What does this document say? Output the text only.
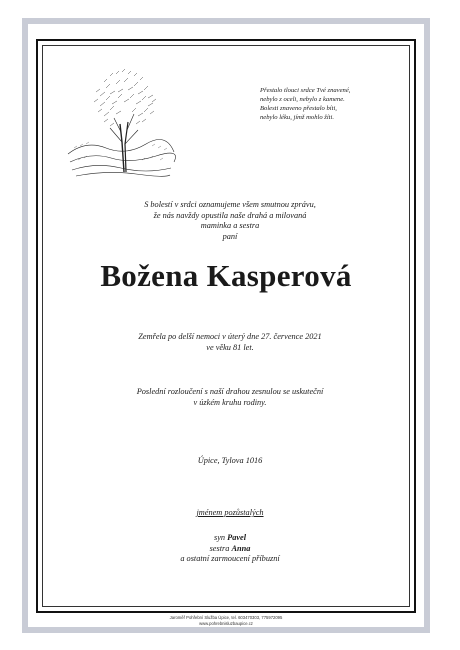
Přestalo tlouci srdce Tvé znavené,
nebylo z oceli, nebylo z kamene.
Bolesti znaveno přestalo bíti,
nebylo léku, jímž mohlo žíti.
S bolestí v srdci oznamujeme všem smutnou zprávu,
že nás navždy opustila naše drahá a milovaná
maminka a sestra
paní
Božena Kasperová
Zemřela po delší nemoci v úterý dne 27. července 2021
ve věku 81 let.
Poslední rozloučení s naší drahou zesnulou se uskuteční
v úzkém kruhu rodiny.
Úpice, Tylova 1016
jménem pozůstalých
syn Pavel
sestra Anna
a ostatní zarmoucení příbuzní
Jaroměř Pohřební Služba Úpice, tel. 603470303, 775972095
www.pohrebnisluzbaupice.cz
